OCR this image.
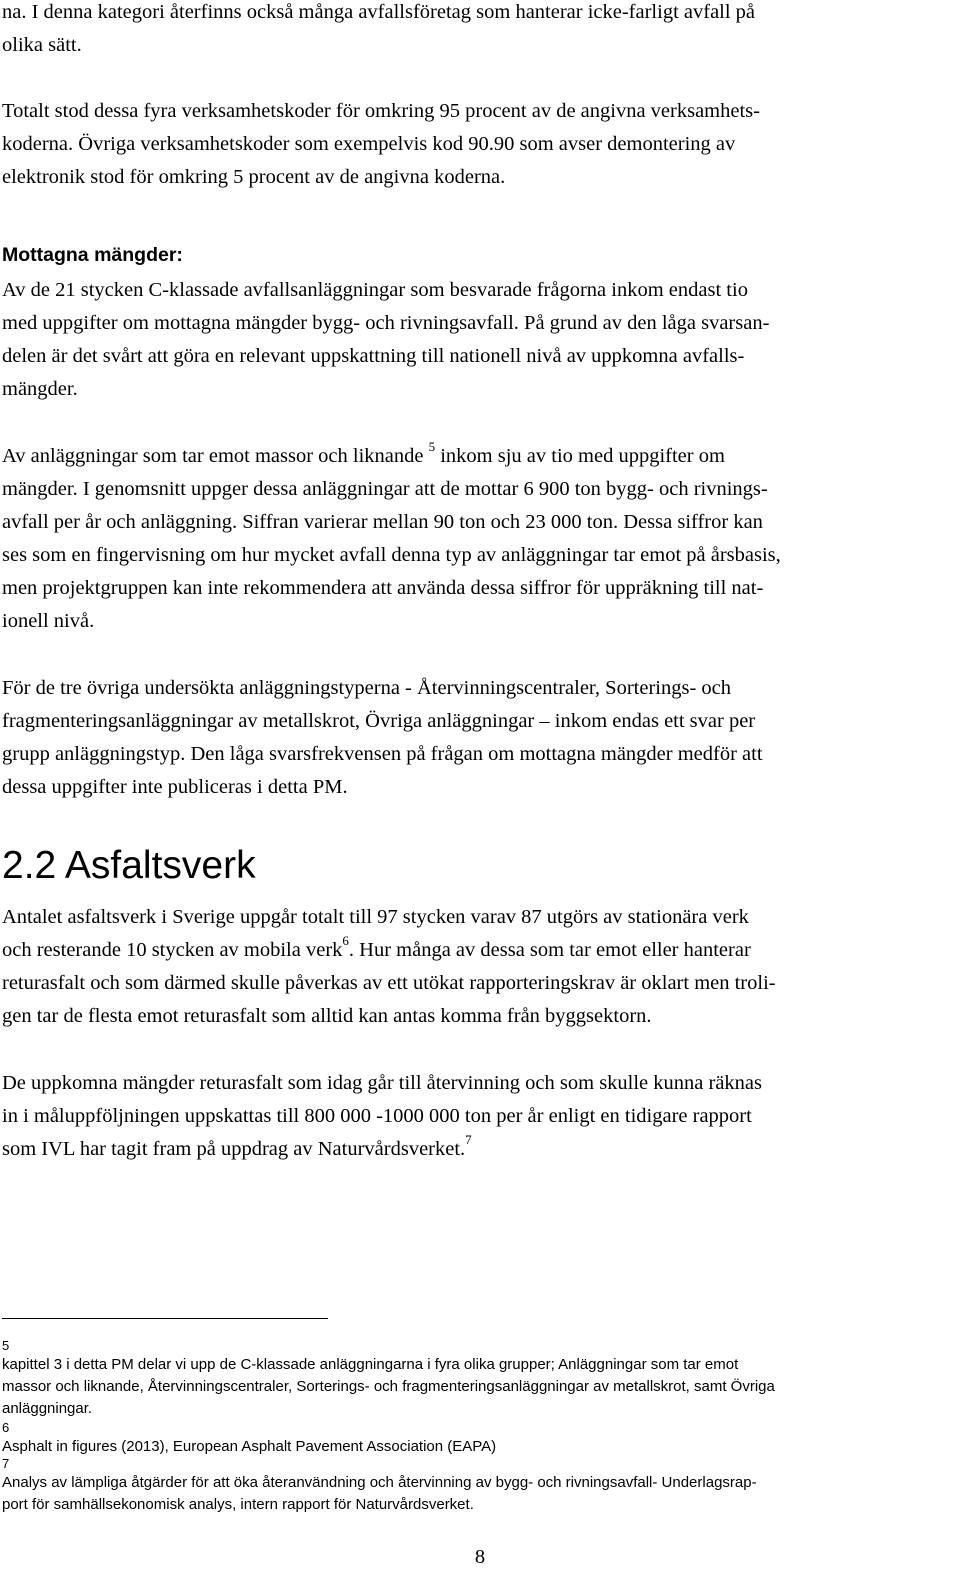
na. I denna kategori återfinns också många avfallsföretag som hanterar icke-farligt avfall på
olika sätt.
Totalt stod dessa fyra verksamhetskoder för omkring 95 procent av de angivna verksamhets-
koderna. Övriga verksamhetskoder som exempelvis kod 90.90 som avser demontering av
elektronik stod för omkring 5 procent av de angivna koderna.
Mottagna mängder:
Av de 21 stycken C-klassade avfallsanläggningar som besvarade frågorna inkom endast tio
med uppgifter om mottagna mängder bygg- och rivningsavfall. På grund av den låga svarsan-
delen är det svårt att göra en relevant uppskattning till nationell nivå av uppkomna avfalls-
mängder.
Av anläggningar som tar emot massor och liknande $^5$ inkom sju av tio med uppgifter om
mängder. I genomsnitt uppger dessa anläggningar att de mottar 6 900 ton bygg- och rivnings-
avfall per år och anläggning. Siffran varierar mellan 90 ton och 23 000 ton. Dessa siffror kan
ses som en fingervisning om hur mycket avfall denna typ av anläggningar tar emot på årsbasis,
men projektgruppen kan inte rekommendera att använda dessa siffror för uppräkning till nat-
ionell nivå.
För de tre övriga undersökta anläggningstyperna - Återvinningscentraler, Sorterings- och
fragmenteringsanläggningar av metallskrot, Övriga anläggningar – inkom endas ett svar per
grupp anläggningstyp. Den låga svarsfrekvensen på frågan om mottagna mängder medför att
dessa uppgifter inte publiceras i detta PM.
2.2 Asfaltsverk
Antalet asfaltsverk i Sverige uppgår totalt till 97 stycken varav 87 utgörs av stationära verk
och resterande 10 stycken av mobila verk$^6$. Hur många av dessa som tar emot eller hanterar
returasfalt och som därmed skulle påverkas av ett utökat rapporteringskrav är oklart men troli-
gen tar de flesta emot returasfalt som alltid kan antas komma från byggsektorn.
De uppkomna mängder returasfalt som idag går till återvinning och som skulle kunna räknas
in i måluppföljningen uppskattas till 800 000 -1000 000 ton per år enligt en tidigare rapport
som IVL har tagit fram på uppdrag av Naturvårdsverket.$^7$
5
kapittel 3 i detta PM delar vi upp de C-klassade anläggningarna i fyra olika grupper; Anläggningar som tar emot
massor och liknande, Återvinningscentraler, Sorterings- och fragmenteringsanläggningar av metallskrot, samt Övriga
anläggningar.
6
Asphalt in figures (2013), European Asphalt Pavement Association (EAPA)
7
Analys av lämpliga åtgärder för att öka återanvändning och återvinning av bygg- och rivningsavfall- Underlagsrap-
port för samhällsekonomisk analys, intern rapport för Naturvårdsverket.
8
